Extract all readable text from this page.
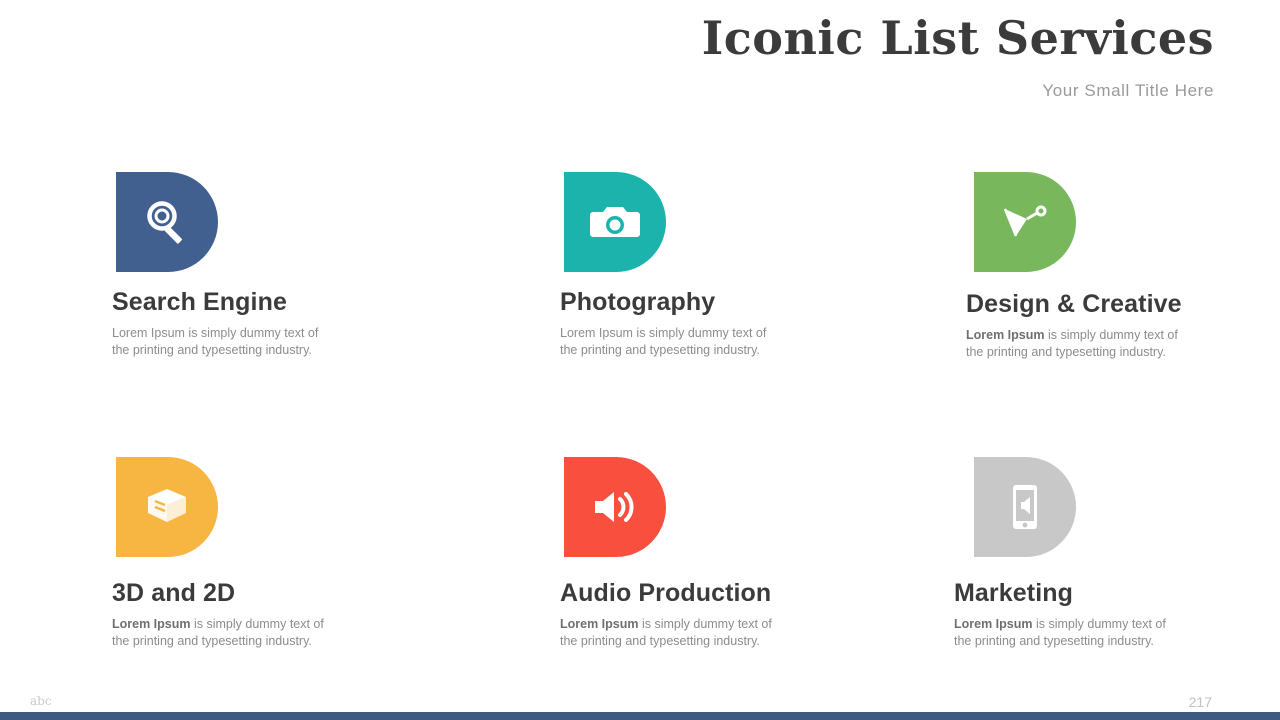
Iconic List Services
Your Small Title Here
Search Engine
Lorem Ipsum is simply dummy text of the printing and typesetting industry.
Photography
Lorem Ipsum is simply dummy text of the printing and typesetting industry.
Design & Creative
Lorem Ipsum is simply dummy text of the printing and typesetting industry.
3D and 2D
Lorem Ipsum is simply dummy text of the printing and typesetting industry.
Audio Production
Lorem Ipsum is simply dummy text of the printing and typesetting industry.
Marketing
Lorem Ipsum is simply dummy text of the printing and typesetting industry.
abc	217
